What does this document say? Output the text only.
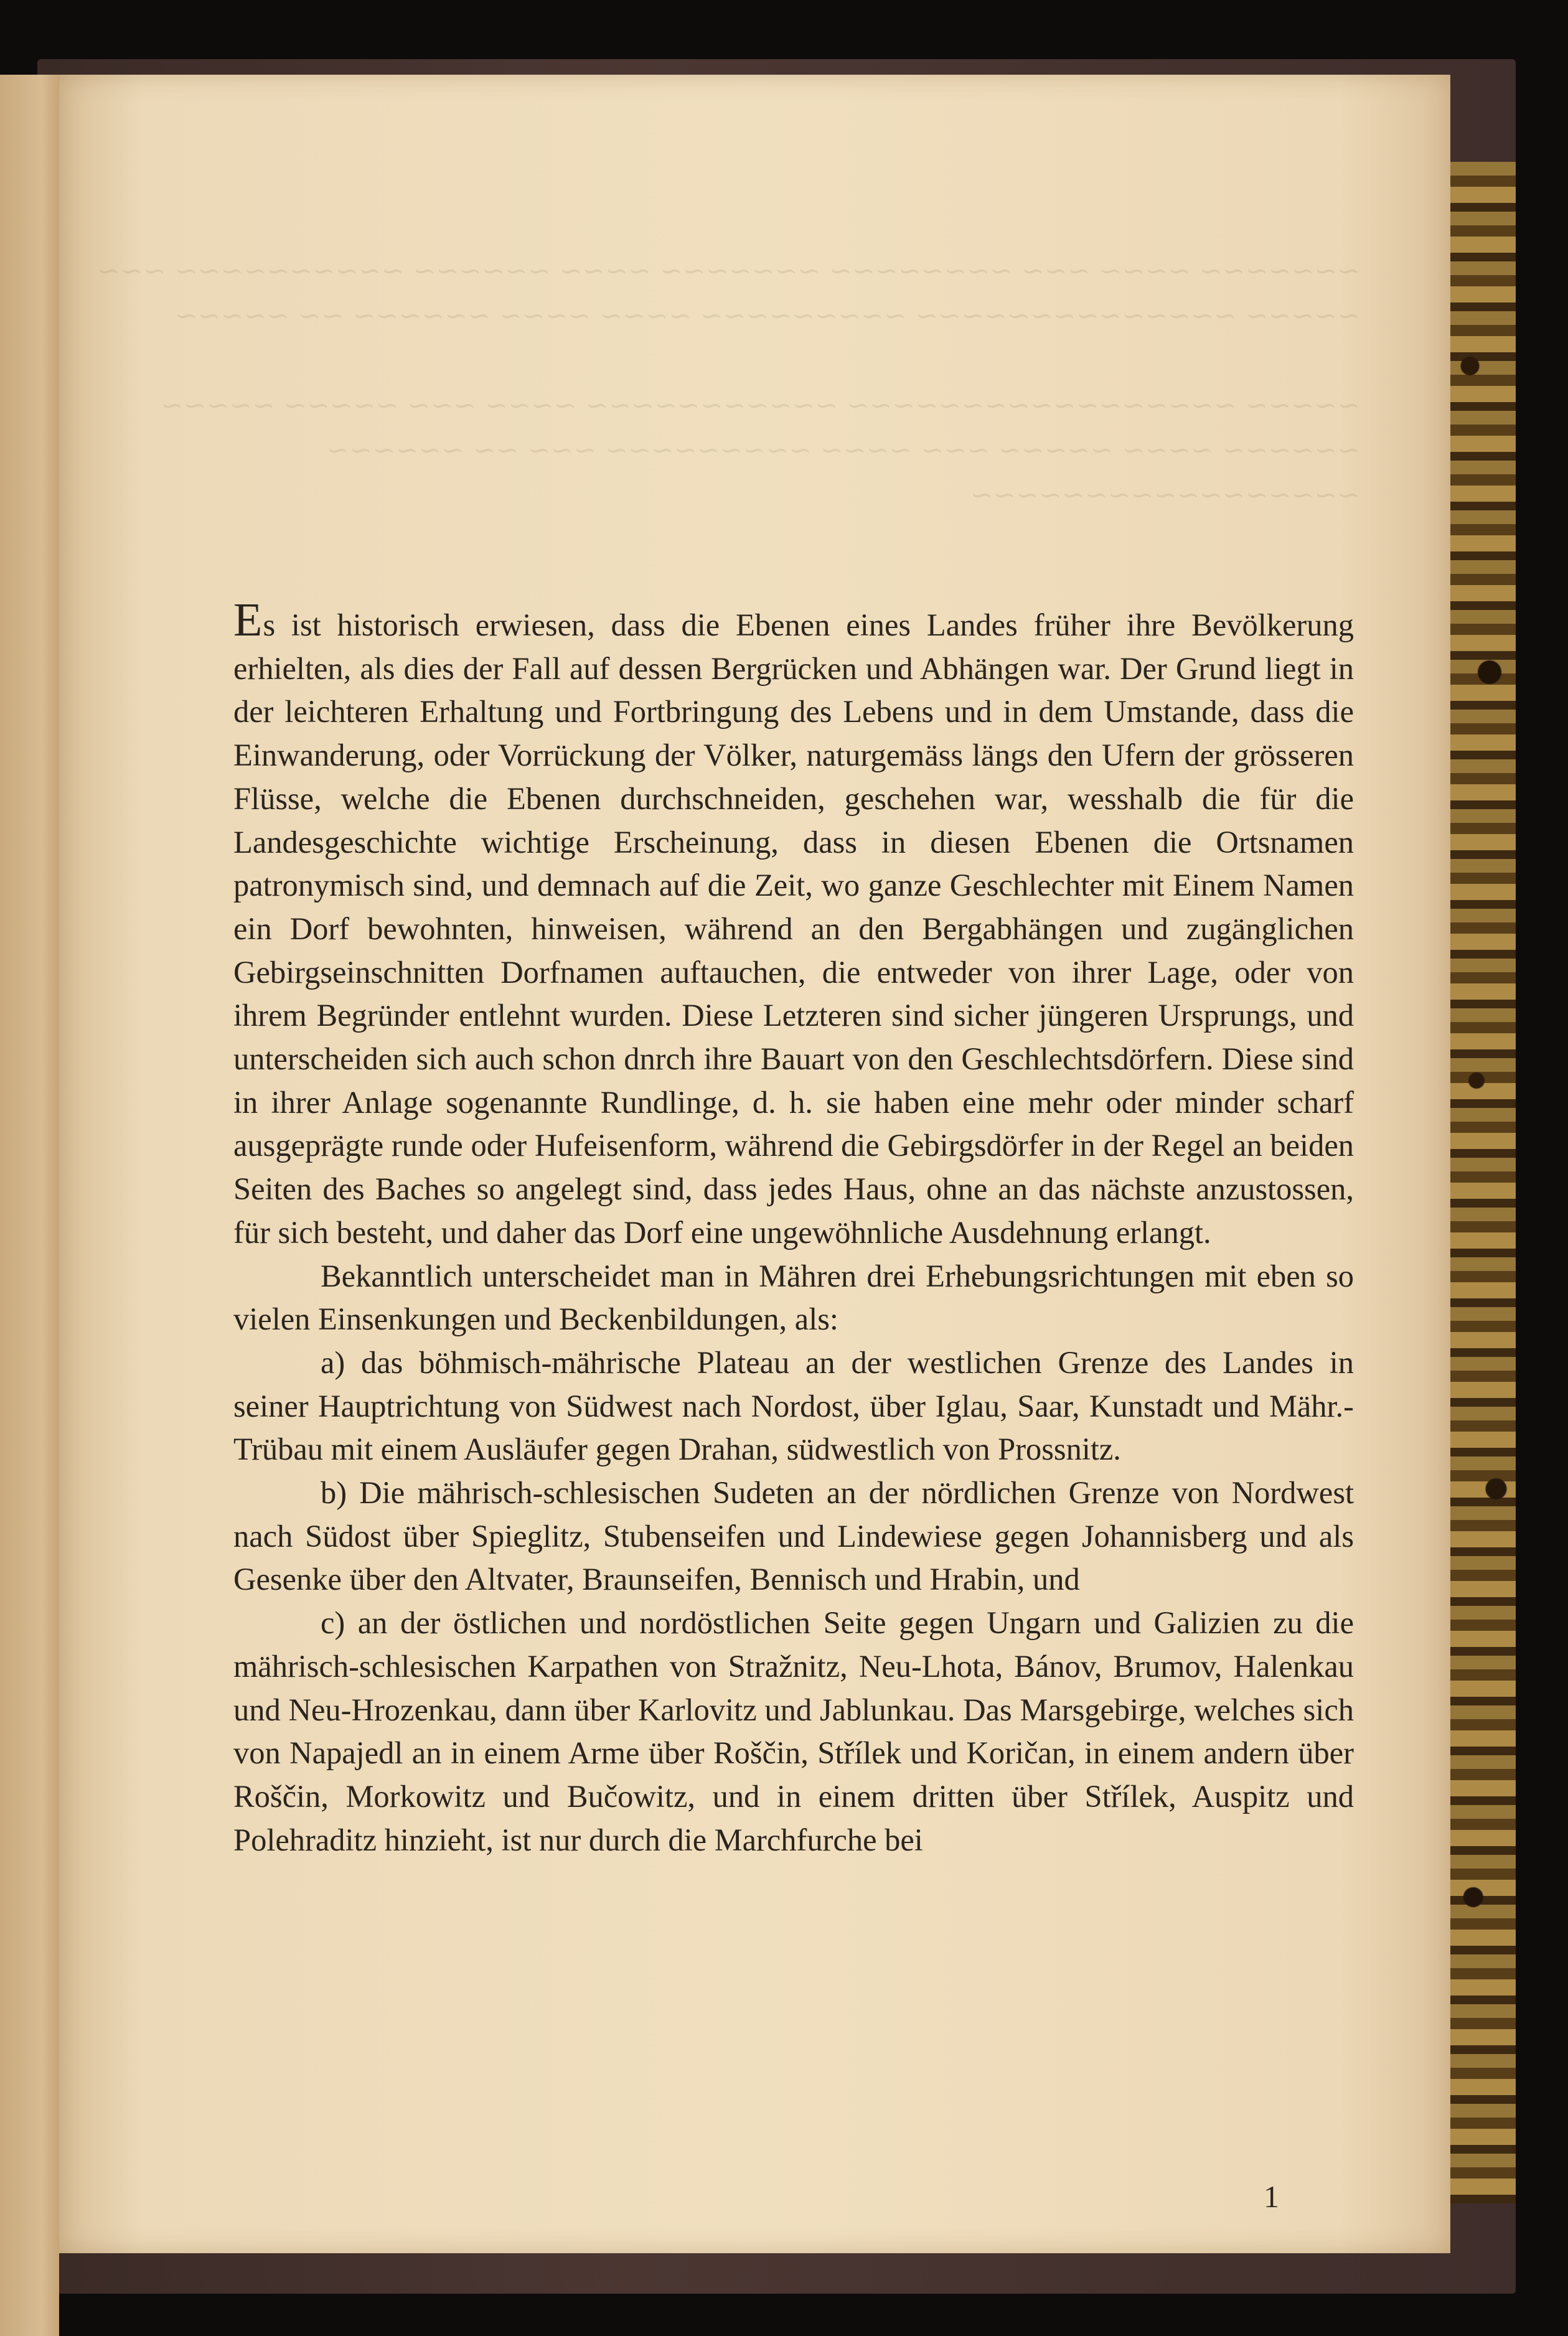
~~~~~~~ ~~~~ ~~~ ~~~~~~~~ ~~~~~~~ ~~~~ ~~~~~~ ~~~~~~~~~~ ~~~
~~~~~ ~~~~~~~~~~~~~~ ~~~~~~~~~ ~~~~ ~~~~ ~~~~~~ ~~ ~~~~~

~~~~~ ~~~~~~~~~~~~~~~~~ ~~~~~~~~~~~ ~~~~ ~~~ ~~~~~ ~~~~~
~~~~~~ ~~~~ ~~~~~ ~~~ ~~~~ ~~~~~~~~~ ~~~ ~~ ~~~~~~
~~~~~~~~~~~~~~~~~

Es ist historisch erwiesen, dass die Ebenen eines Landes früher ihre Bevölkerung erhielten, als dies der Fall auf dessen Bergrücken und Abhängen war. Der Grund liegt in der leichteren Erhaltung und Fortbringung des Lebens und in dem Umstande, dass die Einwanderung, oder Vorrückung der Völker, naturgemäss längs den Ufern der grösseren Flüsse, welche die Ebenen durchschneiden, geschehen war, wesshalb die für die Landesgeschichte wichtige Erscheinung, dass in diesen Ebenen die Ortsnamen patronymisch sind, und demnach auf die Zeit, wo ganze Geschlechter mit Einem Namen ein Dorf bewohnten, hinweisen, während an den Bergabhängen und zugänglichen Gebirgseinschnitten Dorfnamen auftauchen, die entweder von ihrer Lage, oder von ihrem Begründer entlehnt wurden. Diese Letzteren sind sicher jüngeren Ursprungs, und unterscheiden sich auch schon dnrch ihre Bauart von den Geschlechtsdörfern. Diese sind in ihrer Anlage sogenannte Rundlinge, d. h. sie haben eine mehr oder minder scharf ausgeprägte runde oder Hufeisenform, während die Gebirgsdörfer in der Regel an beiden Seiten des Baches so angelegt sind, dass jedes Haus, ohne an das nächste anzustossen, für sich besteht, und daher das Dorf eine ungewöhnliche Ausdehnung erlangt.

Bekanntlich unterscheidet man in Mähren drei Erhebungsrichtungen mit eben so vielen Einsenkungen und Beckenbildungen, als:

a) das böhmisch-mährische Plateau an der westlichen Grenze des Landes in seiner Hauptrichtung von Südwest nach Nordost, über Iglau, Saar, Kunstadt und Mähr.-Trübau mit einem Ausläufer gegen Drahan, südwestlich von Prossnitz.

b) Die mährisch-schlesischen Sudeten an der nördlichen Grenze von Nordwest nach Südost über Spieglitz, Stubenseifen und Lindewiese gegen Johannisberg und als Gesenke über den Altvater, Braunseifen, Bennisch und Hrabin, und

c) an der östlichen und nordöstlichen Seite gegen Ungarn und Galizien zu die mährisch-schlesischen Karpathen von Stražnitz, Neu-Lhota, Bánov, Brumov, Halenkau und Neu-Hrozenkau, dann über Karlovitz und Jablunkau. Das Marsgebirge, welches sich von Napajedl an in einem Arme über Roščin, Střílek und Koričan, in einem andern über Roščin, Morkowitz und Bučowitz, und in einem dritten über Střílek, Auspitz und Polehraditz hinzieht, ist nur durch die Marchfurche bei

1
